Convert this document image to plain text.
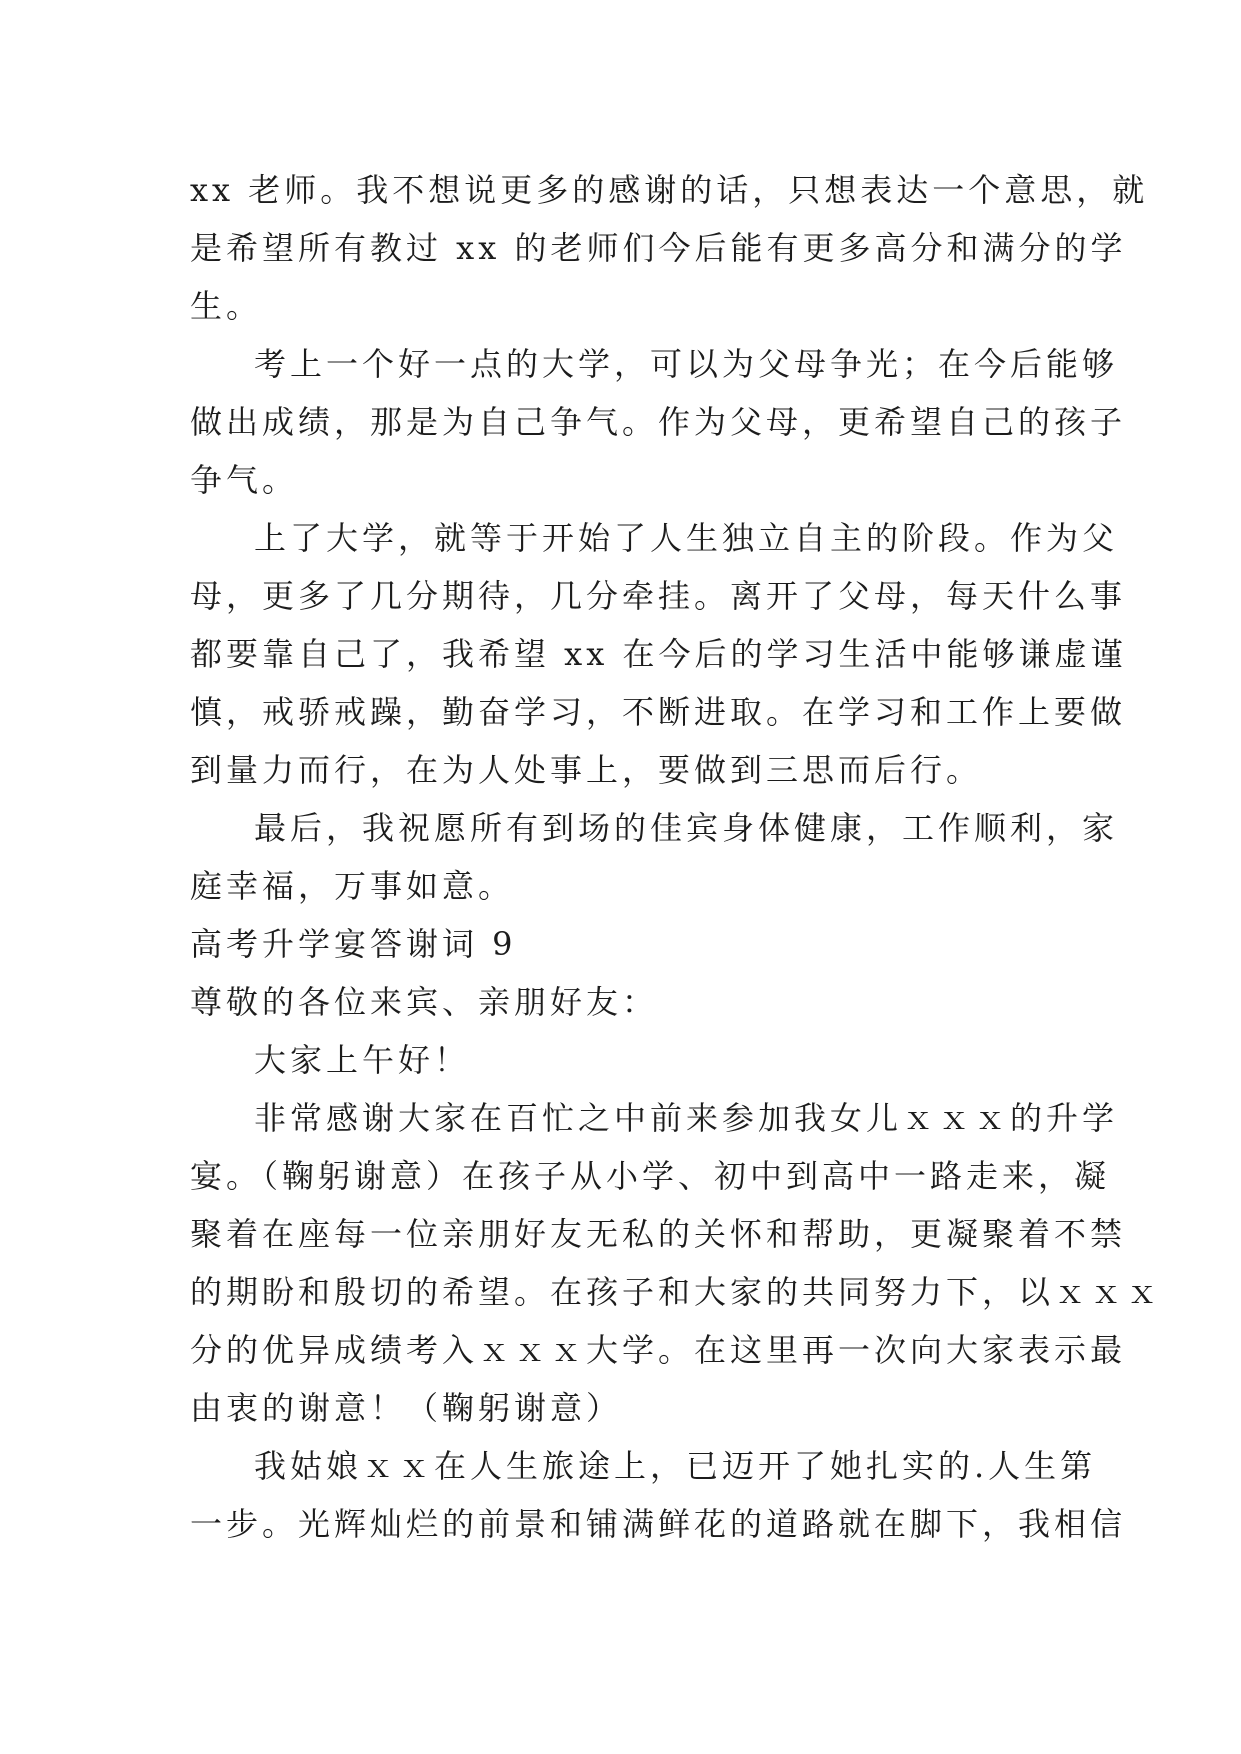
xx 老师。我不想说更多的感谢的话，只想表达一个意思，就
是希望所有教过 xx 的老师们今后能有更多高分和满分的学
生。

考上一个好一点的大学，可以为父母争光；在今后能够
做出成绩，那是为自己争气。作为父母，更希望自己的孩子
争气。

上了大学，就等于开始了人生独立自主的阶段。作为父
母，更多了几分期待，几分牵挂。离开了父母，每天什么事
都要靠自己了，我希望 xx 在今后的学习生活中能够谦虚谨
慎，戒骄戒躁，勤奋学习，不断进取。在学习和工作上要做
到量力而行，在为人处事上，要做到三思而后行。

最后，我祝愿所有到场的佳宾身体健康，工作顺利，家
庭幸福，万事如意。

高考升学宴答谢词 9

尊敬的各位来宾、亲朋好友：

大家上午好！

非常感谢大家在百忙之中前来参加我女儿ｘｘｘ的升学
宴。（鞠躬谢意）在孩子从小学、初中到高中一路走来，凝
聚着在座每一位亲朋好友无私的关怀和帮助，更凝聚着不禁
的期盼和殷切的希望。在孩子和大家的共同努力下，以ｘｘｘ
分的优异成绩考入ｘｘｘ大学。在这里再一次向大家表示最
由衷的谢意！（鞠躬谢意）

我姑娘ｘｘ在人生旅途上，已迈开了她扎实的.人生第
一步。光辉灿烂的前景和铺满鲜花的道路就在脚下，我相信
